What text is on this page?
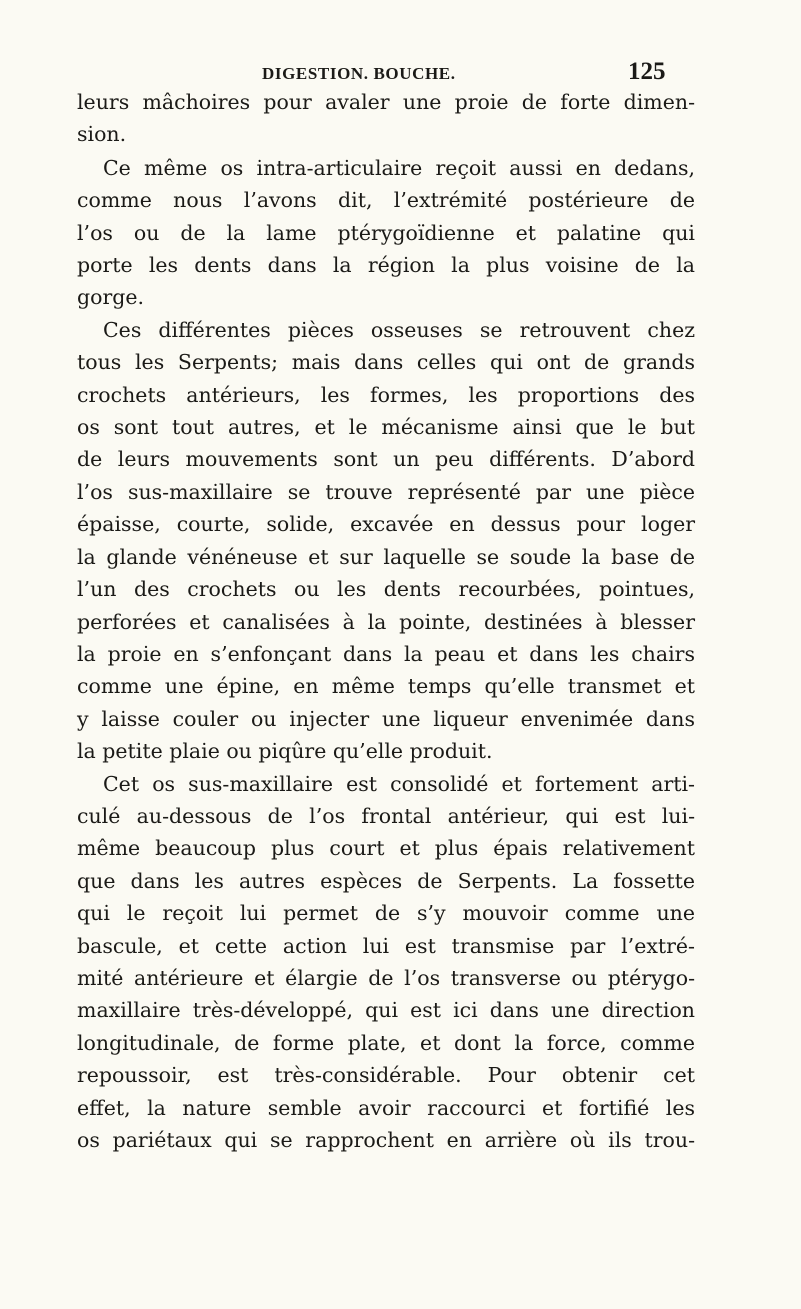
DIGESTION. BOUCHE.	125
leurs mâchoires pour avaler une proie de forte dimen-
sion.
Ce même os intra-articulaire reçoit aussi en dedans,
comme nous l’avons dit, l’extrémité postérieure de
l’os ou de la lame ptérygoïdienne et palatine qui
porte les dents dans la région la plus voisine de la
gorge.
Ces différentes pièces osseuses se retrouvent chez
tous les Serpents; mais dans celles qui ont de grands
crochets antérieurs, les formes, les proportions des
os sont tout autres, et le mécanisme ainsi que le but
de leurs mouvements sont un peu différents. D’abord
l’os sus-maxillaire se trouve représenté par une pièce
épaisse, courte, solide, excavée en dessus pour loger
la glande vénéneuse et sur laquelle se soude la base de
l’un des crochets ou les dents recourbées, pointues,
perforées et canalisées à la pointe, destinées à blesser
la proie en s’enfonçant dans la peau et dans les chairs
comme une épine, en même temps qu’elle transmet et
y laisse couler ou injecter une liqueur envenimée dans
la petite plaie ou piqûre qu’elle produit.
Cet os sus-maxillaire est consolidé et fortement arti-
culé au-dessous de l’os frontal antérieur, qui est lui-
même beaucoup plus court et plus épais relativement
que dans les autres espèces de Serpents. La fossette
qui le reçoit lui permet de s’y mouvoir comme une
bascule, et cette action lui est transmise par l’extré-
mité antérieure et élargie de l’os transverse ou ptérygo-
maxillaire très-développé, qui est ici dans une direction
longitudinale, de forme plate, et dont la force, comme
repoussoir, est très-considérable. Pour obtenir cet
effet, la nature semble avoir raccourci et fortifié les
os pariétaux qui se rapprochent en arrière où ils trou-
